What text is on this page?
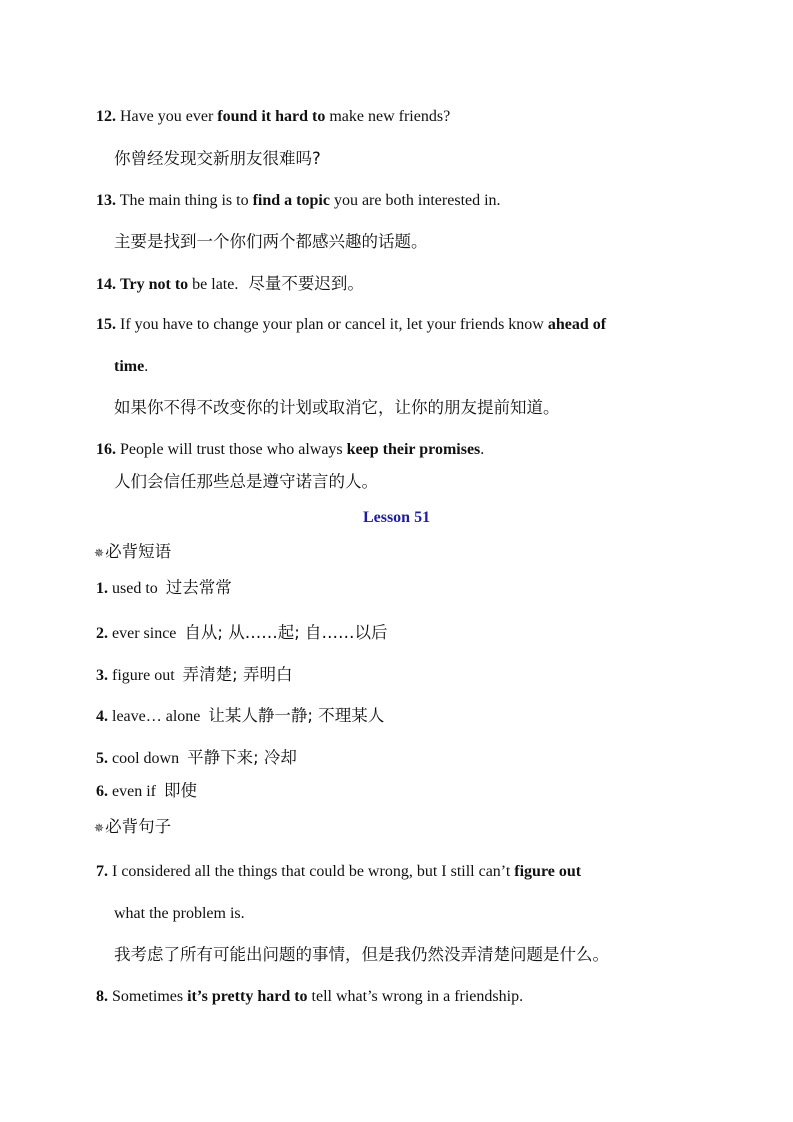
12. Have you ever found it hard to make new friends?
你曾经发现交新朋友很难吗?
13. The main thing is to find a topic you are both interested in.
主要是找到一个你们两个都感兴趣的话题。
14. Try not to be late. 尽量不要迟到。
15. If you have to change your plan or cancel it, let your friends know ahead of
time.
如果你不得不改变你的计划或取消它，让你的朋友提前知道。
16. People will trust those who always keep their promises.
人们会信任那些总是遵守诺言的人。
Lesson 51
✵必背短语
1. used to 过去常常
2. ever since 自从; 从……起; 自……以后
3. figure out 弄清楚; 弄明白
4. leave… alone 让某人静一静; 不理某人
5. cool down 平静下来; 冷却
6. even if 即使
✵必背句子
7. I considered all the things that could be wrong, but I still can’t figure out
what the problem is.
我考虑了所有可能出问题的事情，但是我仍然没弄清楚问题是什么。
8. Sometimes it’s pretty hard to tell what’s wrong in a friendship.
